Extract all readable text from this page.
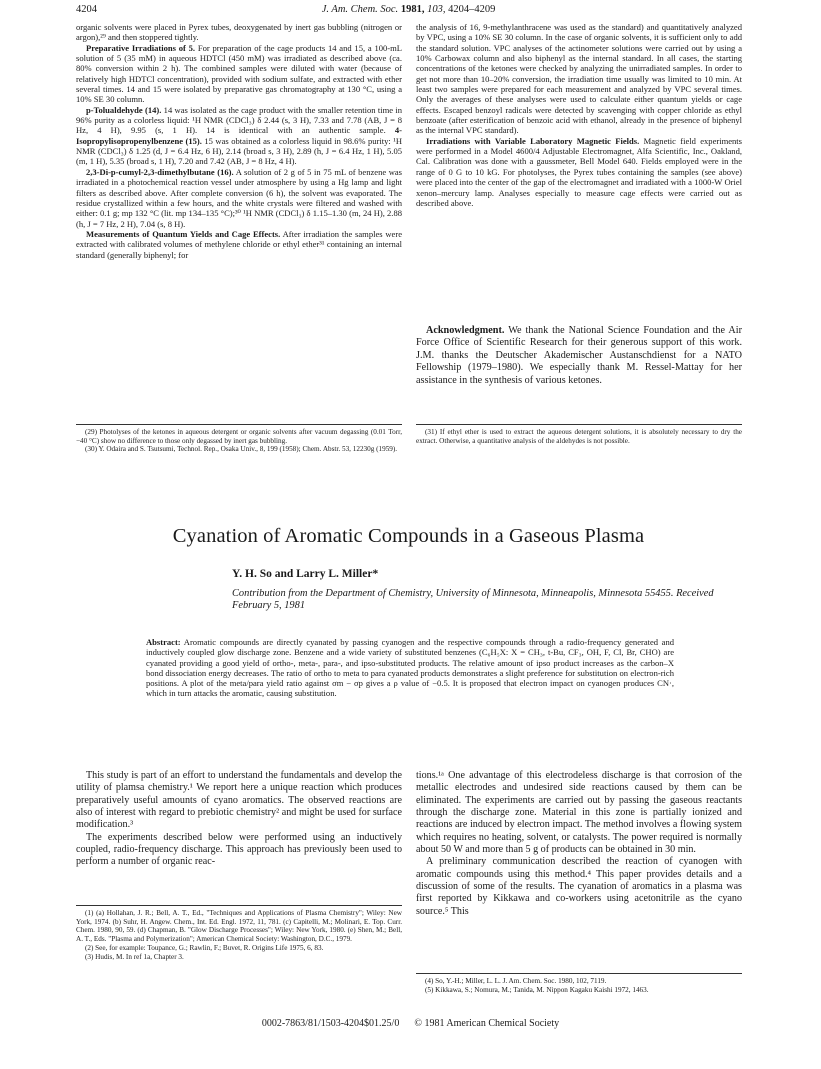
4204	J. Am. Chem. Soc. 1981, 103, 4204–4209

organic solvents were placed in Pyrex tubes, deoxygenated by inert gas bubbling (nitrogen or argon),²⁹ and then stoppered tightly.

Preparative Irradiations of 5. For preparation of the cage products 14 and 15, a 100-mL solution of 5 (35 mM) in aqueous HDTCl (450 mM) was irradiated as described above (ca. 80% conversion within 2 h). The combined samples were diluted with water (because of relatively high HDTCl concentration), provided with sodium sulfate, and extracted with ether several times. 14 and 15 were isolated by preparative gas chromatography at 130 °C, using a 10% SE 30 column.

p-Tolualdehyde (14). 14 was isolated as the cage product with the smaller retention time in 96% purity as a colorless liquid: ¹H NMR (CDCl₃) δ 2.44 (s, 3 H), 7.33 and 7.78 (AB, J = 8 Hz, 4 H), 9.95 (s, 1 H). 14 is identical with an authentic sample. 4-Isopropylisopropenylbenzene (15). 15 was obtained as a colorless liquid in 98.6% purity: ¹H NMR (CDCl₃) δ 1.25 (d, J = 6.4 Hz, 6 H), 2.14 (broad s, 3 H), 2.89 (h, J = 6.4 Hz, 1 H), 5.05 (m, 1 H), 5.35 (broad s, 1 H), 7.20 and 7.42 (AB, J = 8 Hz, 4 H).

2,3-Di-p-cumyl-2,3-dimethylbutane (16). A solution of 2 g of 5 in 75 mL of benzene was irradiated in a photochemical reaction vessel under atmosphere by using a Hg lamp and light filters as described above. After complete conversion (6 h), the solvent was evaporated. The residue crystallized within a few hours, and the white crystals were filtered and washed with either: 0.1 g; mp 132 °C (lit. mp 134–135 °C);³⁰ ¹H NMR (CDCl₃) δ 1.15–1.30 (m, 24 H), 2.88 (h, J = 7 Hz, 2 H), 7.04 (s, 8 H).

Measurements of Quantum Yields and Cage Effects. After irradiation the samples were extracted with calibrated volumes of methylene chloride or ethyl ether³¹ containing an internal standard (generally biphenyl; for

the analysis of 16, 9-methylanthracene was used as the standard) and quantitatively analyzed by VPC, using a 10% SE 30 column. In the case of organic solvents, it is sufficient only to add the standard solution. VPC analyses of the actinometer solutions were carried out by using a 10% Carbowax column and also biphenyl as the internal standard. In all cases, the starting concentrations of the ketones were checked by analyzing the unirradiated samples. In order to get not more than 10–20% conversion, the irradiation time usually was limited to 10 min. At least two samples were prepared for each measurement and analyzed by VPC several times. Only the averages of these analyses were used to calculate either quantum yields or cage effects. Escaped benzoyl radicals were detected by scavenging with copper chloride as ethyl benzoate (after esterification of benzoic acid with ethanol, already in the presence of biphenyl as the internal VPC standard).

Irradiations with Variable Laboratory Magnetic Fields. Magnetic field experiments were performed in a Model 4600/4 Adjustable Electromagnet, Alfa Scientific, Inc., Oakland, Cal. Calibration was done with a gaussmeter, Bell Model 640. Fields employed were in the range of 0 G to 10 kG. For photolyses, the Pyrex tubes containing the samples (see above) were placed into the center of the gap of the electromagnet and irradiated with a 1000-W Oriel xenon–mercury lamp. Analyses especially to measure cage effects were carried out as described above.

Acknowledgment. We thank the National Science Foundation and the Air Force Office of Scientific Research for their generous support of this work. J.M. thanks the Deutscher Akademischer Austanschdienst for a NATO Fellowship (1979–1980). We especially thank M. Ressel-Mattay for her assistance in the synthesis of various ketones.

(29) Photolyses of the ketones in aqueous detergent or organic solvents after vacuum degassing (0.01 Torr, −40 °C) show no difference to those only degassed by inert gas bubbling.

(30) Y. Odaira and S. Tsutsumi, Technol. Rep., Osaka Univ., 8, 199 (1958); Chem. Abstr. 53, 12230g (1959).

(31) If ethyl ether is used to extract the aqueous detergent solutions, it is absolutely necessary to dry the extract. Otherwise, a quantitative analysis of the aldehydes is not possible.

Cyanation of Aromatic Compounds in a Gaseous Plasma
Y. H. So and Larry L. Miller*
Contribution from the Department of Chemistry, University of Minnesota, Minneapolis, Minnesota 55455. Received February 5, 1981
Abstract: Aromatic compounds are directly cyanated by passing cyanogen and the respective compounds through a radio-frequency generated and inductively coupled glow discharge zone. Benzene and a wide variety of substituted benzenes (C₆H₅X: X = CH₃, t-Bu, CF₃, OH, F, Cl, Br, CHO) are cyanated providing a good yield of ortho-, meta-, para-, and ipso-substituted products. The relative amount of ipso product increases as the carbon–X bond dissociation energy decreases. The ratio of ortho to meta to para cyanated products demonstrates a slight preference for substitution on electron-rich positions. A plot of the meta/para yield ratio against σm − σp gives a ρ value of −0.5. It is proposed that electron impact on cyanogen produces CN·, which in turn attacks the aromatic, causing substitution.

This study is part of an effort to understand the fundamentals and develop the utility of plamsa chemistry.¹ We report here a unique reaction which produces preparatively useful amounts of cyano aromatics. The observed reactions are also of interest with regard to prebiotic chemistry² and might be used for surface modification.³

The experiments described below were performed using an inductively coupled, radio-frequency discharge. This approach has previously been used to perform a number of organic reac-

tions.¹ᵃ One advantage of this electrodeless discharge is that corrosion of the metallic electrodes and undesired side reactions caused by them can be eliminated. The experiments are carried out by passing the gaseous reactants through the discharge zone. Material in this zone is partially ionized and reactions are induced by electron impact. The method involves a flowing system which requires no heating, solvent, or catalysts. The power required is normally about 50 W and more than 5 g of products can be obtained in 30 min.

A preliminary communication described the reaction of cyanogen with aromatic compounds using this method.⁴ This paper provides details and a discussion of some of the results. The cyanation of aromatics in a plasma was first reported by Kikkawa and co-workers using acetonitrile as the cyano source.⁵ This

(1) (a) Hollahan, J. R.; Bell, A. T., Ed., "Techniques and Applications of Plasma Chemistry"; Wiley: New York, 1974. (b) Suhr, H. Angew. Chem., Int. Ed. Engl. 1972, 11, 781. (c) Capitelli, M.; Molinari, E. Top. Curr. Chem. 1980, 90, 59. (d) Chapman, B. "Glow Discharge Processes"; Wiley: New York, 1980. (e) Shen, M.; Bell, A. T., Eds. "Plasma and Polymerization"; American Chemical Society: Washington, D.C., 1979.

(2) See, for example: Toupance, G.; Rawlin, F.; Buvet, R. Origins Life 1975, 6, 83.

(3) Hudis, M. In ref 1a, Chapter 3.

(4) So, Y.-H.; Miller, L. L. J. Am. Chem. Soc. 1980, 102, 7119.

(5) Kikkawa, S.; Nomura, M.; Tanida, M. Nippon Kagaku Kaishi 1972, 1463.

0002-7863/81/1503-4204$01.25/0 © 1981 American Chemical Society
